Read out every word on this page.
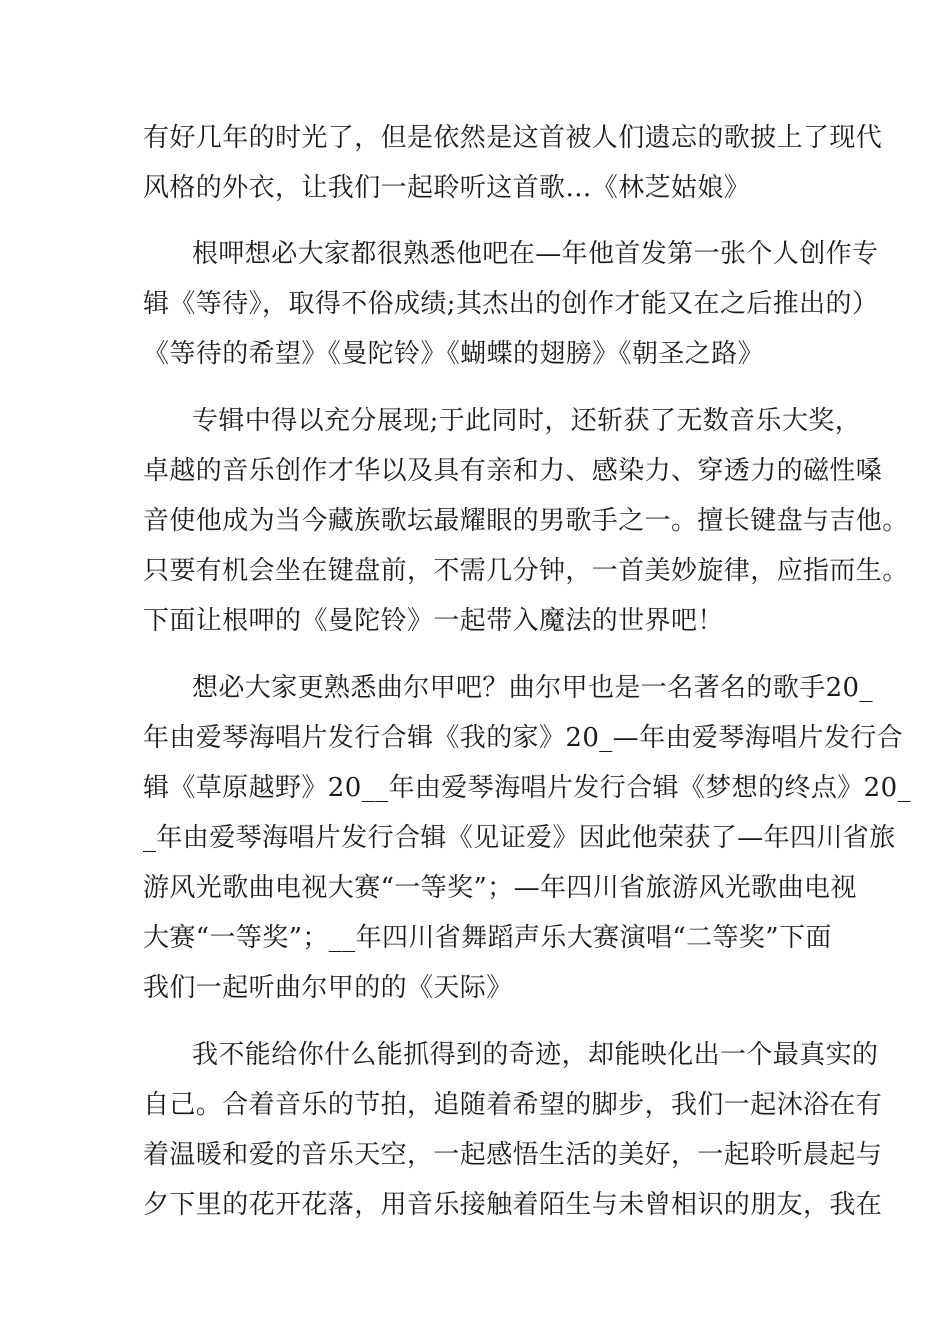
有好几年的时光了，但是依然是这首被人们遗忘的歌披上了现代
风格的外衣，让我们一起聆听这首歌…《林芝姑娘》
根呷想必大家都很熟悉他吧在—年他首发第一张个人创作专
辑《等待》，取得不俗成绩;其杰出的创作才能又在之后推出的）
《等待的希望》《曼陀铃》《蝴蝶的翅膀》《朝圣之路》
专辑中得以充分展现;于此同时，还斩获了无数音乐大奖，
卓越的音乐创作才华以及具有亲和力、感染力、穿透力的磁性嗓
音使他成为当今藏族歌坛最耀眼的男歌手之一。擅长键盘与吉他。
只要有机会坐在键盘前，不需几分钟，一首美妙旋律，应指而生。
下面让根呷的《曼陀铃》一起带入魔法的世界吧！
想必大家更熟悉曲尔甲吧？曲尔甲也是一名著名的歌手20_
年由爱琴海唱片发行合辑《我的家》20_—年由爱琴海唱片发行合
辑《草原越野》20__年由爱琴海唱片发行合辑《梦想的终点》20_
_年由爱琴海唱片发行合辑《见证爱》因此他荣获了—年四川省旅
游风光歌曲电视大赛“一等奖”；—年四川省旅游风光歌曲电视
大赛“一等奖”；__年四川省舞蹈声乐大赛演唱“二等奖”下面
我们一起听曲尔甲的的《天际》
我不能给你什么能抓得到的奇迹，却能映化出一个最真实的
自己。合着音乐的节拍，追随着希望的脚步，我们一起沐浴在有
着温暖和爱的音乐天空，一起感悟生活的美好，一起聆听晨起与
夕下里的花开花落，用音乐接触着陌生与未曾相识的朋友，我在
